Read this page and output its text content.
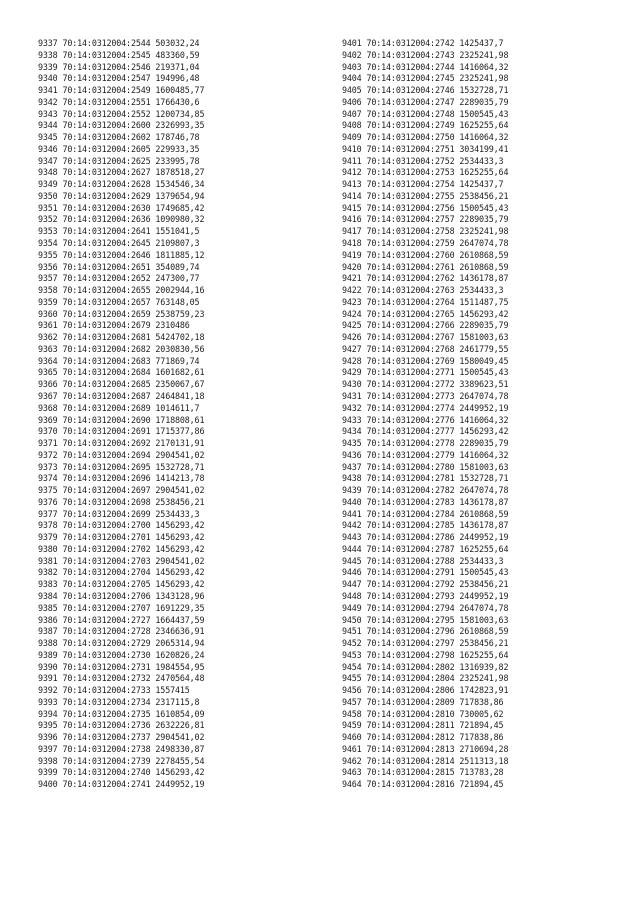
9337 70:14:0312004:2544 503032,24
9338 70:14:0312004:2545 483360,59
9339 70:14:0312004:2546 219371,04
9340 70:14:0312004:2547 194996,48
9341 70:14:0312004:2549 1600485,77
9342 70:14:0312004:2551 1766430,6
9343 70:14:0312004:2552 1200734,85
9344 70:14:0312004:2600 2326993,35
9345 70:14:0312004:2602 178746,78
9346 70:14:0312004:2605 229933,35
9347 70:14:0312004:2625 233995,78
9348 70:14:0312004:2627 1878518,27
9349 70:14:0312004:2628 1534546,34
9350 70:14:0312004:2629 1379654,94
9351 70:14:0312004:2630 1749685,42
9352 70:14:0312004:2636 1090980,32
9353 70:14:0312004:2641 1551041,5
9354 70:14:0312004:2645 2109807,3
9355 70:14:0312004:2646 1811885,12
9356 70:14:0312004:2651 354089,74
9357 70:14:0312004:2652 247300,77
9358 70:14:0312004:2655 2002944,16
9359 70:14:0312004:2657 763148,05
9360 70:14:0312004:2659 2538759,23
9361 70:14:0312004:2679 2310486
9362 70:14:0312004:2681 5424702,18
9363 70:14:0312004:2682 2030830,56
9364 70:14:0312004:2683 771869,74
9365 70:14:0312004:2684 1601682,61
9366 70:14:0312004:2685 2350067,67
9367 70:14:0312004:2687 2464841,18
9368 70:14:0312004:2689 1014611,7
9369 70:14:0312004:2690 1718808,61
9370 70:14:0312004:2691 1715377,86
9371 70:14:0312004:2692 2170131,91
9372 70:14:0312004:2694 2904541,02
9373 70:14:0312004:2695 1532728,71
9374 70:14:0312004:2696 1414213,78
9375 70:14:0312004:2697 2904541,02
9376 70:14:0312004:2698 2538456,21
9377 70:14:0312004:2699 2534433,3
9378 70:14:0312004:2700 1456293,42
9379 70:14:0312004:2701 1456293,42
9380 70:14:0312004:2702 1456293,42
9381 70:14:0312004:2703 2904541,02
9382 70:14:0312004:2704 1456293,42
9383 70:14:0312004:2705 1456293,42
9384 70:14:0312004:2706 1343128,96
9385 70:14:0312004:2707 1691229,35
9386 70:14:0312004:2727 1664437,59
9387 70:14:0312004:2728 2346636,91
9388 70:14:0312004:2729 2065314,94
9389 70:14:0312004:2730 1620826,24
9390 70:14:0312004:2731 1984554,95
9391 70:14:0312004:2732 2470564,48
9392 70:14:0312004:2733 1557415
9393 70:14:0312004:2734 2317115,8
9394 70:14:0312004:2735 1610854,09
9395 70:14:0312004:2736 2632226,81
9396 70:14:0312004:2737 2904541,02
9397 70:14:0312004:2738 2498330,87
9398 70:14:0312004:2739 2278455,54
9399 70:14:0312004:2740 1456293,42
9400 70:14:0312004:2741 2449952,19
9401 70:14:0312004:2742 1425437,7
9402 70:14:0312004:2743 2325241,98
9403 70:14:0312004:2744 1416064,32
9404 70:14:0312004:2745 2325241,98
9405 70:14:0312004:2746 1532728,71
9406 70:14:0312004:2747 2289035,79
9407 70:14:0312004:2748 1500545,43
9408 70:14:0312004:2749 1625255,64
9409 70:14:0312004:2750 1416064,32
9410 70:14:0312004:2751 3034199,41
9411 70:14:0312004:2752 2534433,3
9412 70:14:0312004:2753 1625255,64
9413 70:14:0312004:2754 1425437,7
9414 70:14:0312004:2755 2538456,21
9415 70:14:0312004:2756 1500545,43
9416 70:14:0312004:2757 2289035,79
9417 70:14:0312004:2758 2325241,98
9418 70:14:0312004:2759 2647074,78
9419 70:14:0312004:2760 2610868,59
9420 70:14:0312004:2761 2610868,59
9421 70:14:0312004:2762 1436178,87
9422 70:14:0312004:2763 2534433,3
9423 70:14:0312004:2764 1511487,75
9424 70:14:0312004:2765 1456293,42
9425 70:14:0312004:2766 2289035,79
9426 70:14:0312004:2767 1581003,63
9427 70:14:0312004:2768 2461779,55
9428 70:14:0312004:2769 1580049,45
9429 70:14:0312004:2771 1500545,43
9430 70:14:0312004:2772 3389623,51
9431 70:14:0312004:2773 2647074,78
9432 70:14:0312004:2774 2449952,19
9433 70:14:0312004:2776 1416064,32
9434 70:14:0312004:2777 1456293,42
9435 70:14:0312004:2778 2289035,79
9436 70:14:0312004:2779 1416064,32
9437 70:14:0312004:2780 1581003,63
9438 70:14:0312004:2781 1532728,71
9439 70:14:0312004:2782 2647074,78
9440 70:14:0312004:2783 1436178,87
9441 70:14:0312004:2784 2610868,59
9442 70:14:0312004:2785 1436178,87
9443 70:14:0312004:2786 2449952,19
9444 70:14:0312004:2787 1625255,64
9445 70:14:0312004:2788 2534433,3
9446 70:14:0312004:2791 1500545,43
9447 70:14:0312004:2792 2538456,21
9448 70:14:0312004:2793 2449952,19
9449 70:14:0312004:2794 2647074,78
9450 70:14:0312004:2795 1581003,63
9451 70:14:0312004:2796 2610868,59
9452 70:14:0312004:2797 2538456,21
9453 70:14:0312004:2798 1625255,64
9454 70:14:0312004:2802 1316939,82
9455 70:14:0312004:2804 2325241,98
9456 70:14:0312004:2806 1742823,91
9457 70:14:0312004:2809 717838,86
9458 70:14:0312004:2810 730005,62
9459 70:14:0312004:2811 721894,45
9460 70:14:0312004:2812 717838,86
9461 70:14:0312004:2813 2710694,28
9462 70:14:0312004:2814 2511313,18
9463 70:14:0312004:2815 713783,28
9464 70:14:0312004:2816 721894,45
